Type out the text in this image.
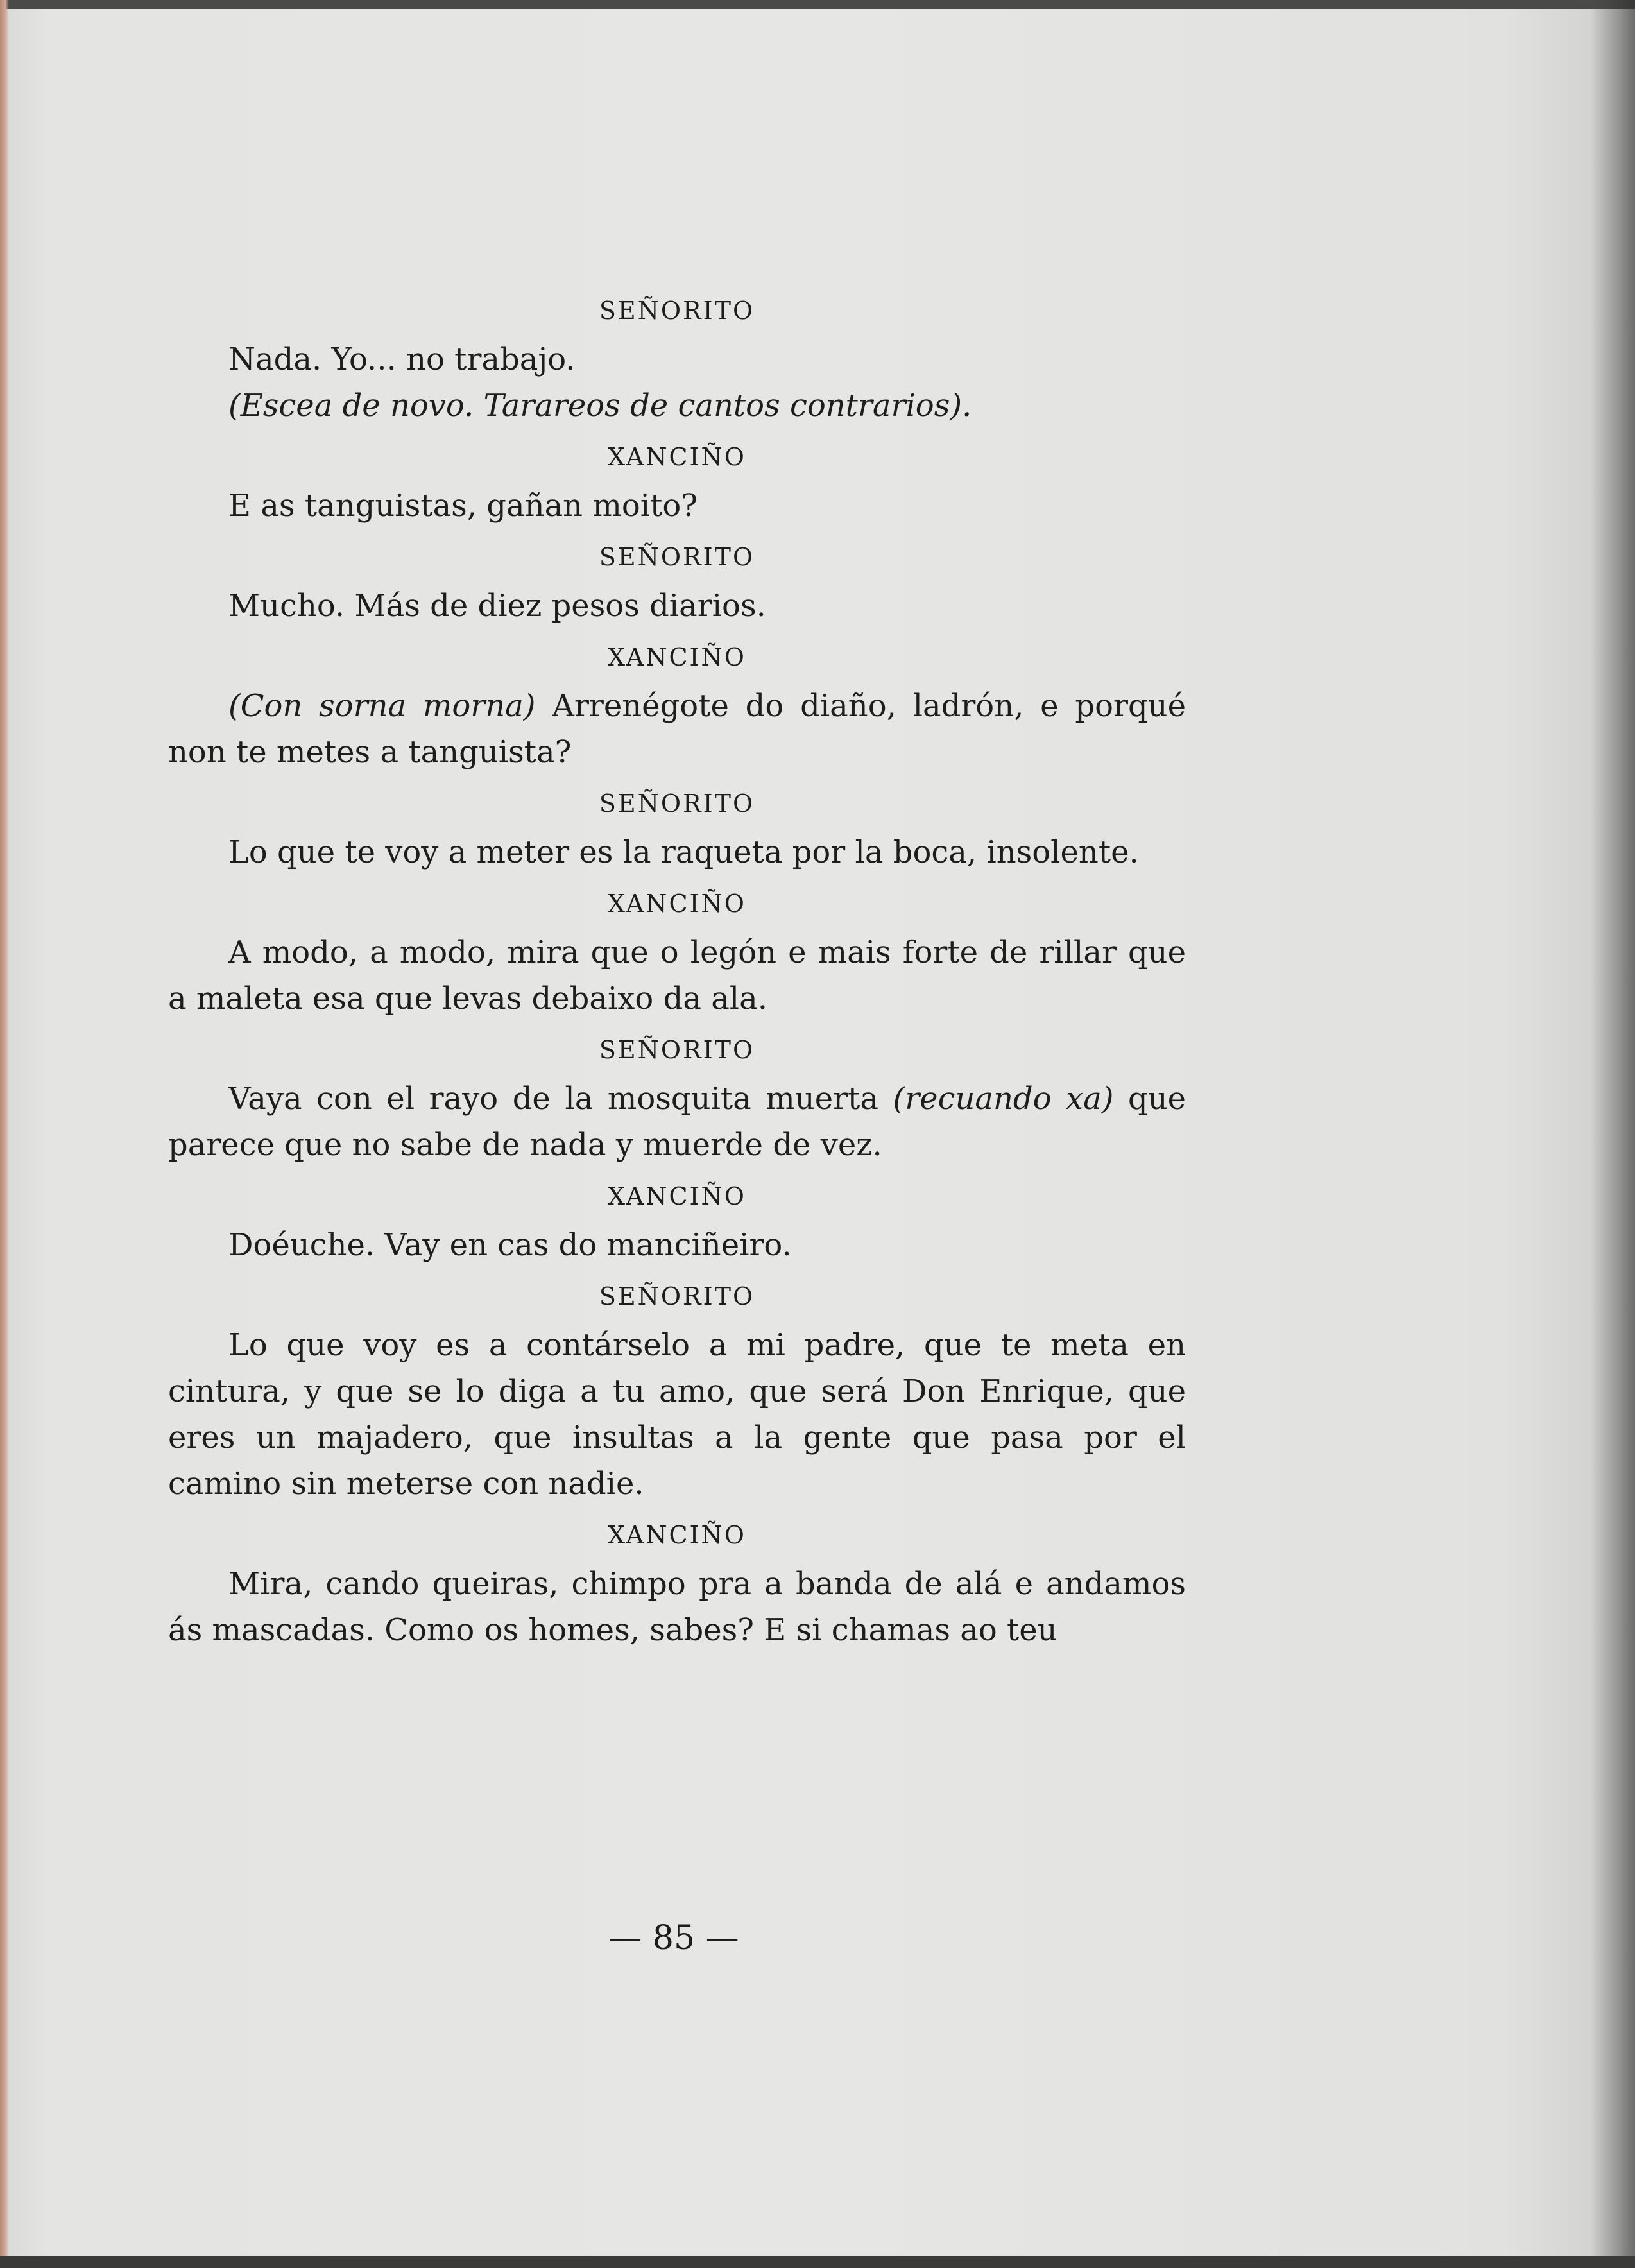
SEÑORITO

Nada. Yo... no trabajo.

(Escea de novo. Tarareos de cantos contrarios).

XANCIÑO

E as tanguistas, gañan moito?

SEÑORITO

Mucho. Más de diez pesos diarios.

XANCIÑO

(Con sorna morna) Arrenégote do diaño, ladrón, e porqué non te metes a tanguista?

SEÑORITO

Lo que te voy a meter es la raqueta por la boca, insolente.

XANCIÑO

A modo, a modo, mira que o legón e mais forte de rillar que a maleta esa que levas debaixo da ala.

SEÑORITO

Vaya con el rayo de la mosquita muerta (recuando xa) que parece que no sabe de nada y muerde de vez.

XANCIÑO

Doéuche. Vay en cas do manciñeiro.

SEÑORITO

Lo que voy es a contárselo a mi padre, que te meta en cintura, y que se lo diga a tu amo, que será Don Enrique, que eres un majadero, que insultas a la gente que pasa por el camino sin meterse con nadie.

XANCIÑO

Mira, cando queiras, chimpo pra a banda de alá e andamos ás mascadas. Como os homes, sabes? E si chamas ao teu

— 85 —
